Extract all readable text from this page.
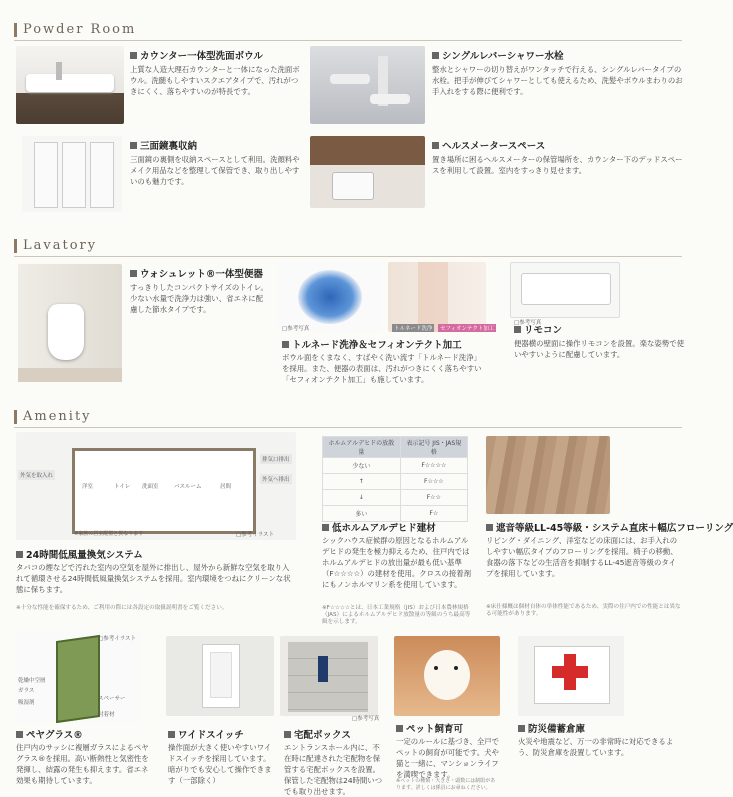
Powder Room
カウンター一体型洗面ボウル
上質な人造大理石カウンターと一体になった洗面ボウル。洗髄もしやすいスクエアタイプで、汚れがつきにくく、落ちやすいのが特長です。
シングルレバーシャワー水栓
整水とシャワーの切り替えがワンタッチで行える、シングルレバータイプの水栓。把手が伸びてシャワーとしても使えるため、洗髪やボウルまわりのお手入れをする際に便利です。
三面鏡裏収納
三面鏡の裏側を収納スペースとして利用。洗顔料やメイク用品などを整理して保管でき、取り出しやすいのも魅力です。
ヘルスメータースペース
置き場所に困るヘルスメーターの保管場所を、カウンター下のデッドスペースを利用して設置。室内をすっきり見せます。
Lavatory
ウォシュレット®一体型便器
すっきりしたコンパクトサイズのトイレ。少ない水量で洗浄力は強い、省エネに配慮した節水タイプです。
□参考写真	トルネード洗浄	セフィオンテクト加工
トルネード洗浄＆セフィオンテクト加工
ボウル面をくまなく、すばやく洗い流す「トルネード洗浄」を採用。また、便器の表面は、汚れがつきにくく落ちやすい「セフィオンテクト加工」も施しています。
□参考写真
リモコン
便器横の壁面に操作リモコンを設置。楽な姿勢で使いやすいように配慮しています。
Amenity
外気を取入れ
排気口排出
外気へ排出
洋室	トイレ 洗面室	バスルーム	居間
※家族の居室配置と異なります	□参考イラスト
24時間低風量換気システム
タバコの煙などで汚れた室内の空気を屋外に排出し、屋外から新鮮な空気を取り入れて循環させる24時間低風量換気システムを採用。室内環境をつねにクリーンな状態に保ちます。
※十分な性能を確保するため、ご利用の際には各設定の取扱説明書をご覧ください。
ホルムアルデヒドの放散量	表示記号 JIS・JAS規格
少ない	F☆☆☆☆
↑	F☆☆☆
↓	F☆☆
多い	F☆
低ホルムアルデヒド建材
シックハウス症候群の原因となるホルムアルデヒドの発生を極力抑えるため、住戸内ではホルムアルデヒドの放出量が最も低い基準（F☆☆☆☆）の建材を使用。クロスの接着剤にもノンホルマリン系を使用しています。
※F☆☆☆☆とは、日本工業規格（JIS）および日本農林規格（JAS）によるホルムアルデヒド放散量の等級のうち最高等級を示します。
遮音等級LL-45等級・システム直床＋幅広フローリング
リビング・ダイニング、洋室などの床面には、お手入れのしやすい幅広タイプのフローリングを採用。椅子の移動、食器の落下などの生活音を抑制するLL-45遮音等級のタイプを採用しています。
※床仕様概は個材自体の単体性能であるため、実際の住戸内での性能とは異なる可能性があります。
乾燥中空層
ガラス
スペーサー
吸湿剤
封着材
□参考イラスト
ペヤグラス®
住戸内のサッシに複層ガラスによるペヤグラス®を採用。高い断熱性と気密性を発揮し、結露の発生も抑えます。省エネ効果も期待しています。
ワイドスイッチ
操作面が大きく使いやすいワイドスイッチを採用しています。暗がりでも安心して操作できます（一部除く）
□参考写真
宅配ボックス
エントランスホール内に、不在時に配達された宅配物を保管する宅配ボックスを設置。保管した宅配物は24時間いつでも取り出せます。
ペット飼育可
一定のルールに基づき、全戸でペットの飼育が可能です。犬や猫と一緒に、マンションライフを満喫できます。
※ペットの種類・大きさ・頭数には制限があります。詳しくは係員にお尋ねください。
防災備蓄倉庫
火災や地震など、万一の非常時に対応できるよう、防災倉庫を設置しています。
